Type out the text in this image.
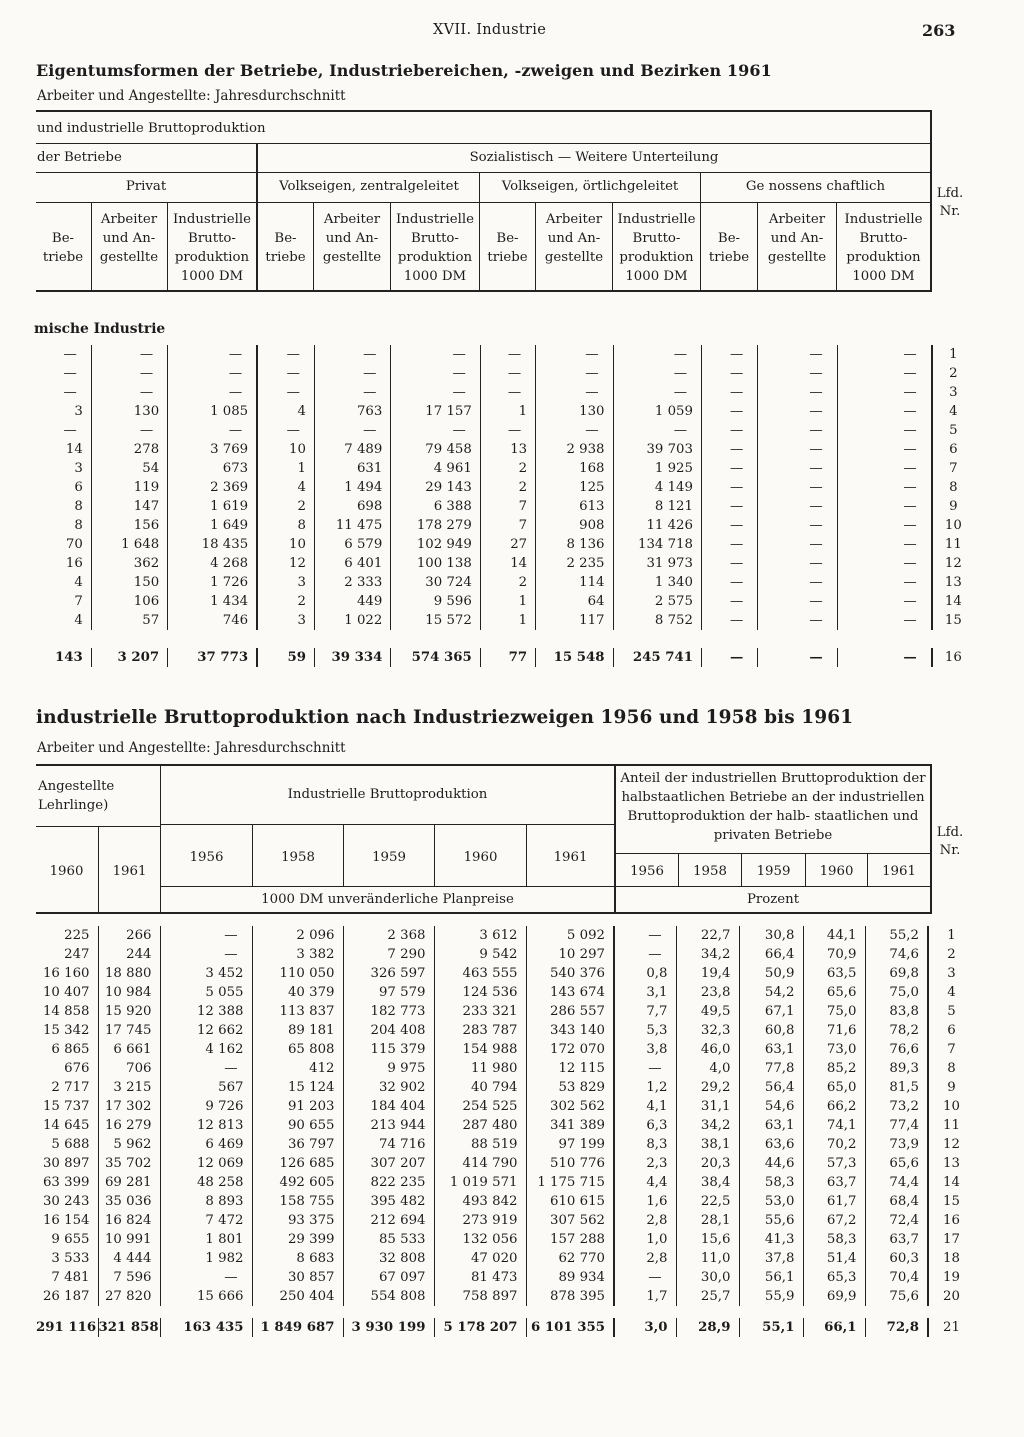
XVII. Industrie	263
Eigentumsformen der Betriebe, Industriebereichen, -zweigen und Bezirken 1961
Arbeiter und Angestellte: Jahresdurchschnitt
und industrielle Bruttoproduktion
der Betriebe	Sozialistisch — Weitere Unterteilung
Privat	Volkseigen, zentralgeleitet	Volkseigen, örtlichgeleitet	Ge nossens chaftlich	Lfd. Nr.
Be- triebe
Arbeiter und An- gestellte
Industrielle Brutto- produktion 1000 DM
Be- triebe
Arbeiter und An- gestellte
Industrielle Brutto- produktion 1000 DM
Be- triebe
Arbeiter und An- gestellte
Industrielle Brutto- produktion 1000 DM
Be- triebe
Arbeiter und An- gestellte
Industrielle Brutto- produktion 1000 DM
mische Industrie
—	—	—	—	—	—	—	—	—	—	—	—	1
—	—	—	—	—	—	—	—	—	—	—	—	2
—	—	—	—	—	—	—	—	—	—	—	—	3
3	130	1 085	4	763	17 157	1	130	1 059	—	—	—	4
—	—	—	—	—	—	—	—	—	—	—	—	5
14	278	3 769	10	7 489	79 458	13	2 938	39 703	—	—	—	6
3	54	673	1	631	4 961	2	168	1 925	—	—	—	7
6	119	2 369	4	1 494	29 143	2	125	4 149	—	—	—	8
8	147	1 619	2	698	6 388	7	613	8 121	—	—	—	9
8	156	1 649	8	11 475	178 279	7	908	11 426	—	—	—	10
70	1 648	18 435	10	6 579	102 949	27	8 136	134 718	—	—	—	11
16	362	4 268	12	6 401	100 138	14	2 235	31 973	—	—	—	12
4	150	1 726	3	2 333	30 724	2	114	1 340	—	—	—	13
7	106	1 434	2	449	9 596	1	64	2 575	—	—	—	14
4	57	746	3	1 022	15 572	1	117	8 752	—	—	—	15

143	3 207	37 773	59	39 334	574 365	77	15 548	245 741	—	—	—	16
industrielle Bruttoproduktion nach Industriezweigen 1956 und 1958 bis 1961
Arbeiter und Angestellte: Jahresdurchschnitt
Angestellte Lehrlinge)
Industrielle Bruttoproduktion
Anteil der industriellen Bruttoproduktion der halbstaatlichen Betriebe an der industriellen Bruttoproduktion der halb- staatlichen und privaten Betriebe	Lfd. Nr.
1960	1961
1956	1958	1959	1960	1961
1956	1958	1959	1960	1961
1000 DM unveränderliche Planpreise	Prozent
225	266	—	2 096	2 368	3 612	5 092	—	22,7	30,8	44,1	55,2	1
247	244	—	3 382	7 290	9 542	10 297	—	34,2	66,4	70,9	74,6	2
16 160	18 880	3 452	110 050	326 597	463 555	540 376	0,8	19,4	50,9	63,5	69,8	3
10 407	10 984	5 055	40 379	97 579	124 536	143 674	3,1	23,8	54,2	65,6	75,0	4
14 858	15 920	12 388	113 837	182 773	233 321	286 557	7,7	49,5	67,1	75,0	83,8	5
15 342	17 745	12 662	89 181	204 408	283 787	343 140	5,3	32,3	60,8	71,6	78,2	6
6 865	6 661	4 162	65 808	115 379	154 988	172 070	3,8	46,0	63,1	73,0	76,6	7
676	706	—	412	9 975	11 980	12 115	—	4,0	77,8	85,2	89,3	8
2 717	3 215	567	15 124	32 902	40 794	53 829	1,2	29,2	56,4	65,0	81,5	9
15 737	17 302	9 726	91 203	184 404	254 525	302 562	4,1	31,1	54,6	66,2	73,2	10
14 645	16 279	12 813	90 655	213 944	287 480	341 389	6,3	34,2	63,1	74,1	77,4	11
5 688	5 962	6 469	36 797	74 716	88 519	97 199	8,3	38,1	63,6	70,2	73,9	12
30 897	35 702	12 069	126 685	307 207	414 790	510 776	2,3	20,3	44,6	57,3	65,6	13
63 399	69 281	48 258	492 605	822 235	1 019 571	1 175 715	4,4	38,4	58,3	63,7	74,4	14
30 243	35 036	8 893	158 755	395 482	493 842	610 615	1,6	22,5	53,0	61,7	68,4	15
16 154	16 824	7 472	93 375	212 694	273 919	307 562	2,8	28,1	55,6	67,2	72,4	16
9 655	10 991	1 801	29 399	85 533	132 056	157 288	1,0	15,6	41,3	58,3	63,7	17
3 533	4 444	1 982	8 683	32 808	47 020	62 770	2,8	11,0	37,8	51,4	60,3	18
7 481	7 596	—	30 857	67 097	81 473	89 934	—	30,0	56,1	65,3	70,4	19
26 187	27 820	15 666	250 404	554 808	758 897	878 395	1,7	25,7	55,9	69,9	75,6	20

291 116	321 858	163 435	1 849 687	3 930 199	5 178 207	6 101 355	3,0	28,9	55,1	66,1	72,8	21
